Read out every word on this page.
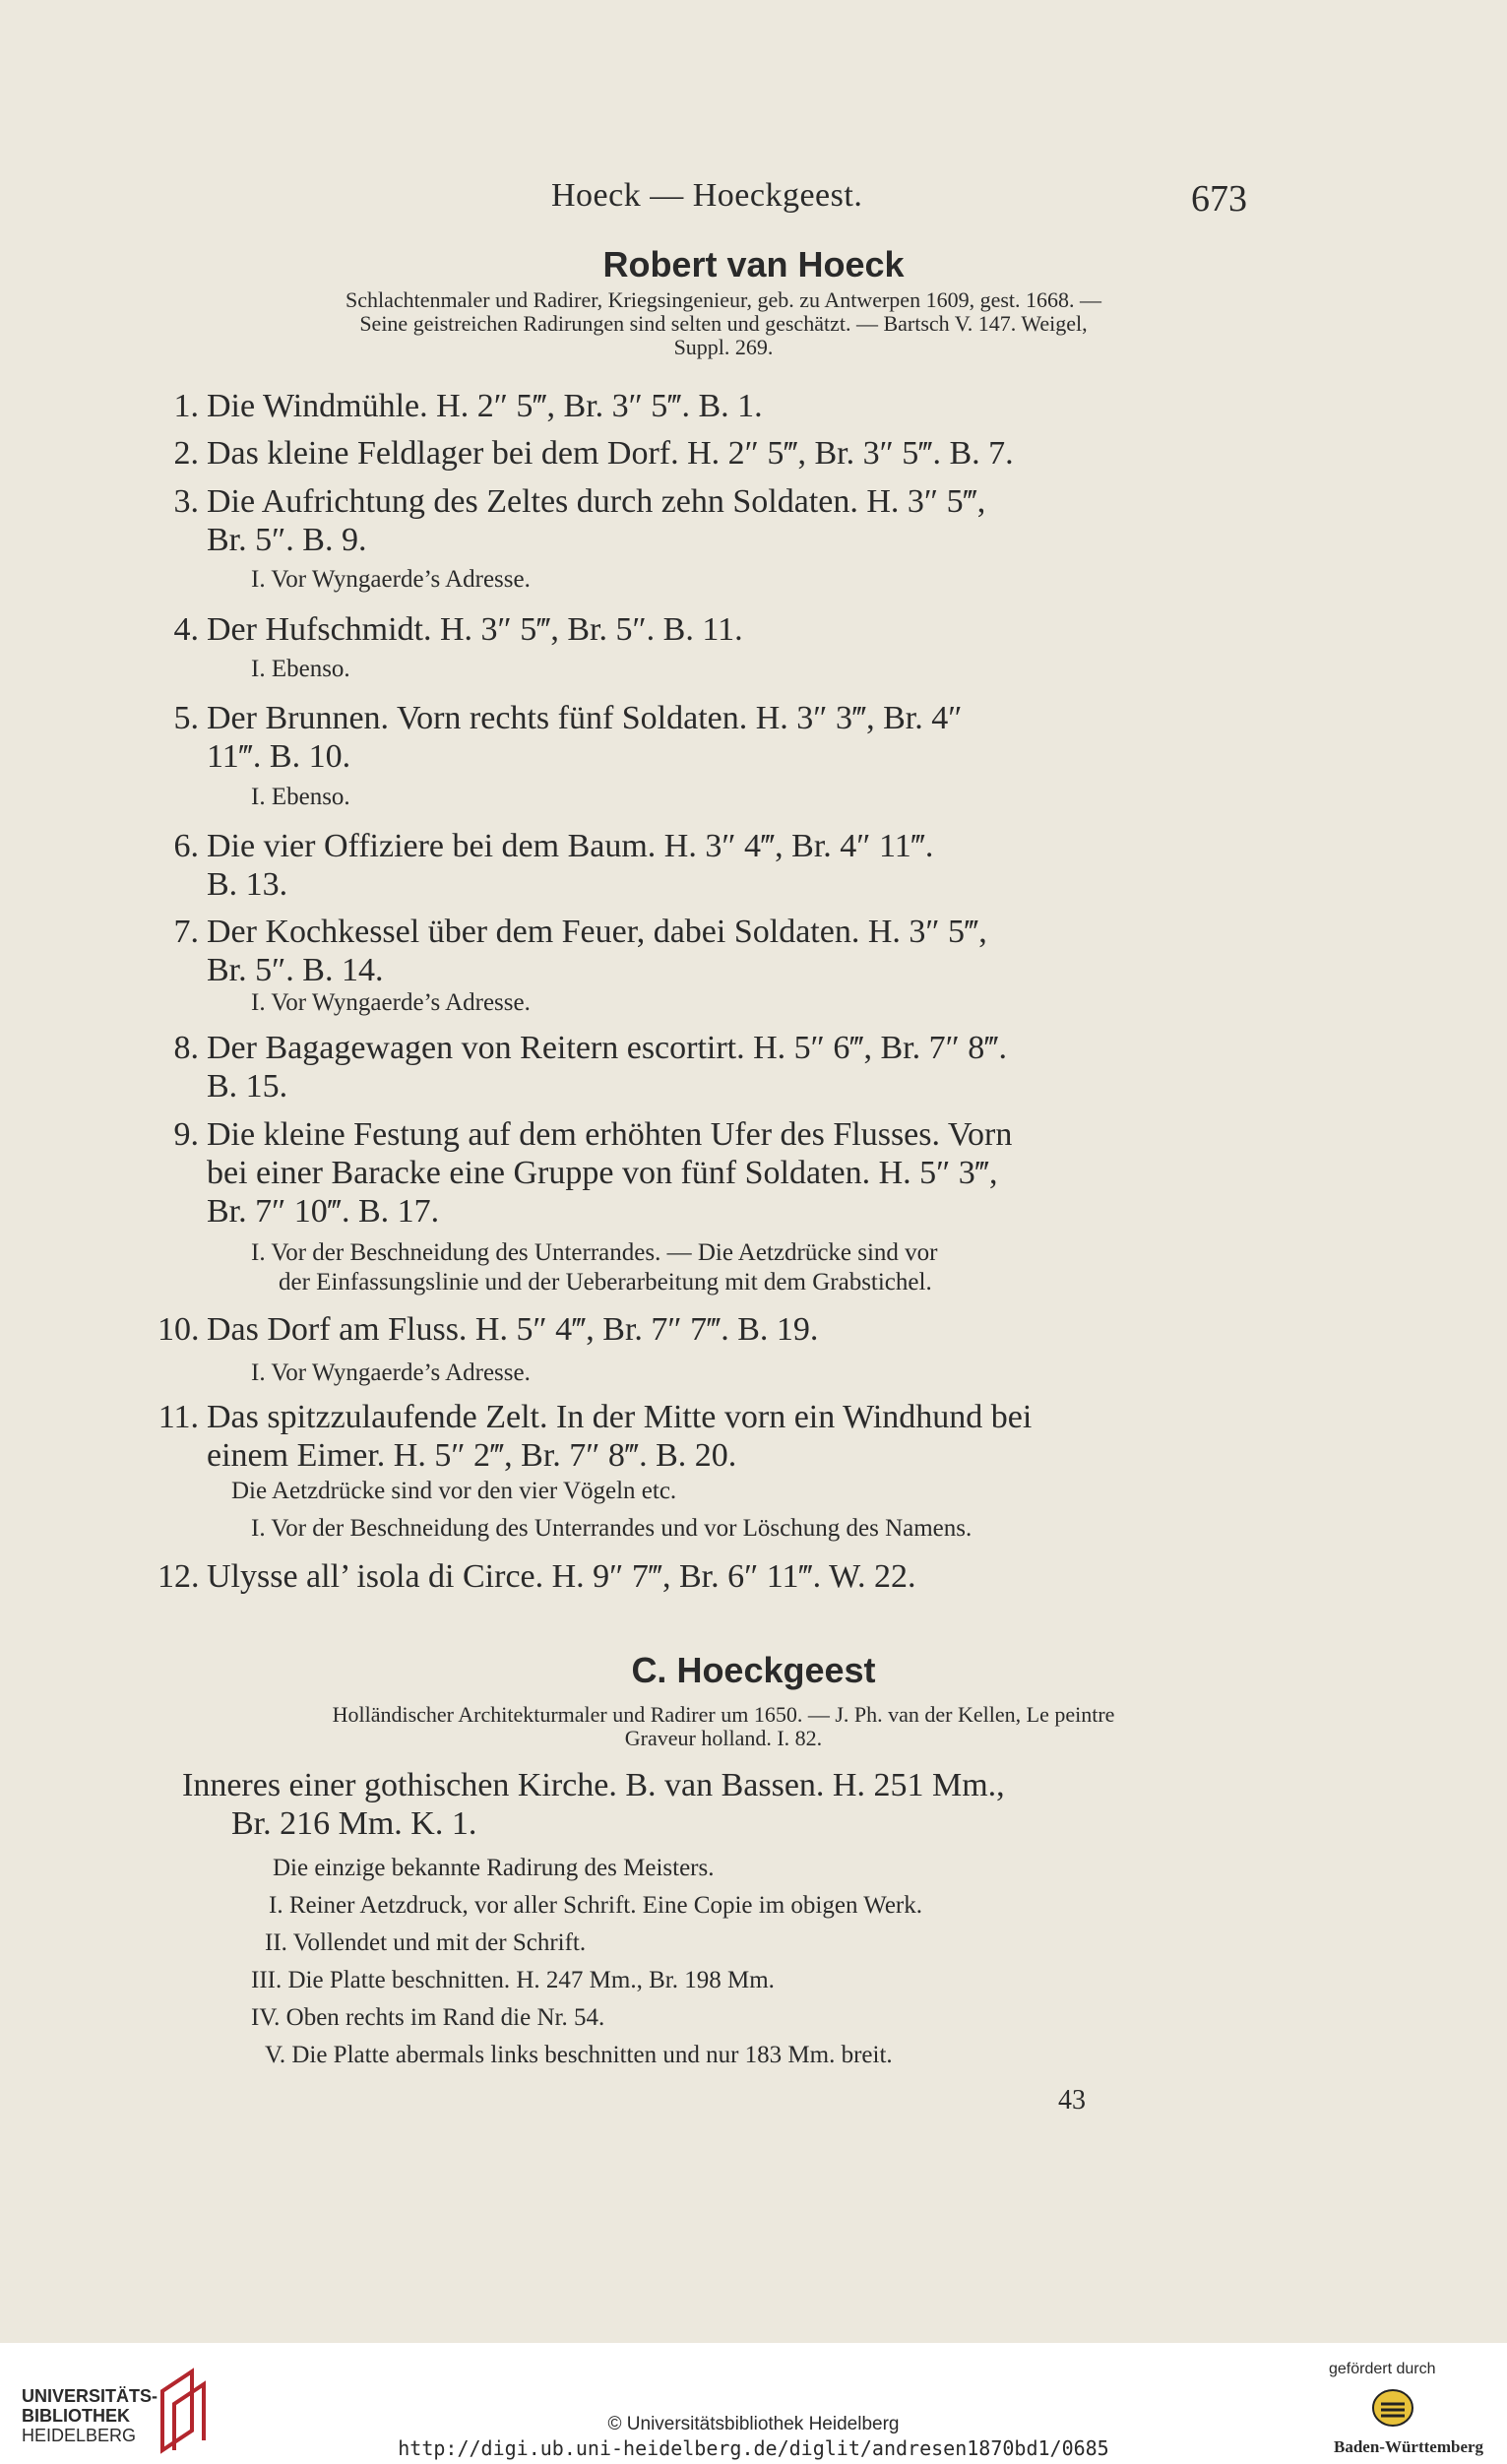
Hoeck — Hoeckgeest.	673
Robert van Hoeck
Schlachtenmaler und Radirer, Kriegsingenieur, geb. zu Antwerpen 1609, gest. 1668. —
Seine geistreichen Radirungen sind selten und geschätzt. — Bartsch V. 147. Weigel,
Suppl. 269.
1. Die Windmühle. H. 2″ 5‴, Br. 3″ 5‴. B. 1.
2. Das kleine Feldlager bei dem Dorf. H. 2″ 5‴, Br. 3″ 5‴. B. 7.
3. Die Aufrichtung des Zeltes durch zehn Soldaten. H. 3″ 5‴,
Br. 5″. B. 9.
I. Vor Wyngaerde’s Adresse.
4. Der Hufschmidt. H. 3″ 5‴, Br. 5″. B. 11.
I. Ebenso.
5. Der Brunnen. Vorn rechts fünf Soldaten. H. 3″ 3‴, Br. 4″
11‴. B. 10.
I. Ebenso.
6. Die vier Offiziere bei dem Baum. H. 3″ 4‴, Br. 4″ 11‴.
B. 13.
7. Der Kochkessel über dem Feuer, dabei Soldaten. H. 3″ 5‴,
Br. 5″. B. 14.
I. Vor Wyngaerde’s Adresse.
8. Der Bagagewagen von Reitern escortirt. H. 5″ 6‴, Br. 7″ 8‴.
B. 15.
9. Die kleine Festung auf dem erhöhten Ufer des Flusses. Vorn
bei einer Baracke eine Gruppe von fünf Soldaten. H. 5″ 3‴,
Br. 7″ 10‴. B. 17.
I. Vor der Beschneidung des Unterrandes. — Die Aetzdrücke sind vor
der Einfassungslinie und der Ueberarbeitung mit dem Grabstichel.
10. Das Dorf am Fluss. H. 5″ 4‴, Br. 7″ 7‴. B. 19.
I. Vor Wyngaerde’s Adresse.
11. Das spitzzulaufende Zelt. In der Mitte vorn ein Windhund bei
einem Eimer. H. 5″ 2‴, Br. 7″ 8‴. B. 20.
Die Aetzdrücke sind vor den vier Vögeln etc.
I. Vor der Beschneidung des Unterrandes und vor Löschung des Namens.
12. Ulysse all’ isola di Circe. H. 9″ 7‴, Br. 6″ 11‴. W. 22.
C. Hoeckgeest
Holländischer Architekturmaler und Radirer um 1650. — J. Ph. van der Kellen, Le peintre
Graveur holland. I. 82.
Inneres einer gothischen Kirche. B. van Bassen. H. 251 Mm.,
Br. 216 Mm. K. 1.
Die einzige bekannte Radirung des Meisters.
I. Reiner Aetzdruck, vor aller Schrift. Eine Copie im obigen Werk.
II. Vollendet und mit der Schrift.
III. Die Platte beschnitten. H. 247 Mm., Br. 198 Mm.
IV. Oben rechts im Rand die Nr. 54.
V. Die Platte abermals links beschnitten und nur 183 Mm. breit.
43
UNIVERSITÄTS-
BIBLIOTHEK
HEIDELBERG
© Universitätsbibliothek Heidelberg
http://digi.ub.uni-heidelberg.de/diglit/andresen1870bd1/0685
gefördert durch
Baden-Württemberg
